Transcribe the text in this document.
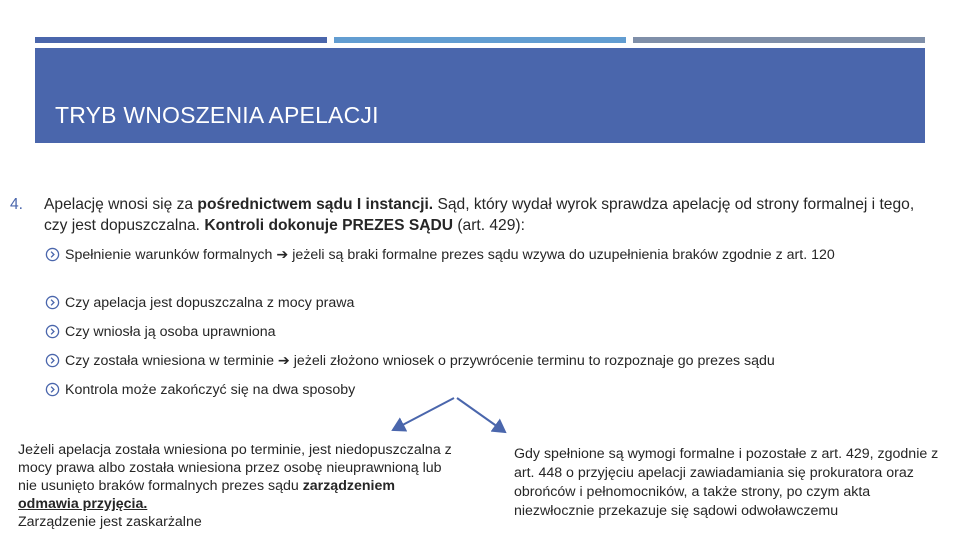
TRYB WNOSZENIA APELACJI
4. Apelację wnosi się za pośrednictwem sądu I instancji. Sąd, który wydał wyrok sprawdza apelację od strony formalnej i tego, czy jest dopuszczalna. Kontroli dokonuje PREZES SĄDU (art. 429):
Spełnienie warunków formalnych ➔ jeżeli są braki formalne prezes sądu wzywa do uzupełnienia braków zgodnie z art. 120
Czy apelacja jest dopuszczalna z mocy prawa
Czy wniosła ją osoba uprawniona
Czy została wniesiona w terminie ➔ jeżeli złożono wniosek o przywrócenie terminu to rozpoznaje go prezes sądu
Kontrola może zakończyć się na dwa sposoby
Jeżeli apelacja została wniesiona po terminie, jest niedopuszczalna z mocy prawa albo została wniesiona przez osobę nieuprawnioną lub nie usunięto braków formalnych prezes sądu zarządzeniem odmawia przyjęcia.
Zarządzenie jest zaskarżalne
Gdy spełnione są wymogi formalne i pozostałe z art. 429, zgodnie z art. 448 o przyjęciu apelacji zawiadamiania się prokuratora oraz obrońców i pełnomocników, a także strony, po czym akta niezwłocznie przekazuje się sądowi odwoławczemu
